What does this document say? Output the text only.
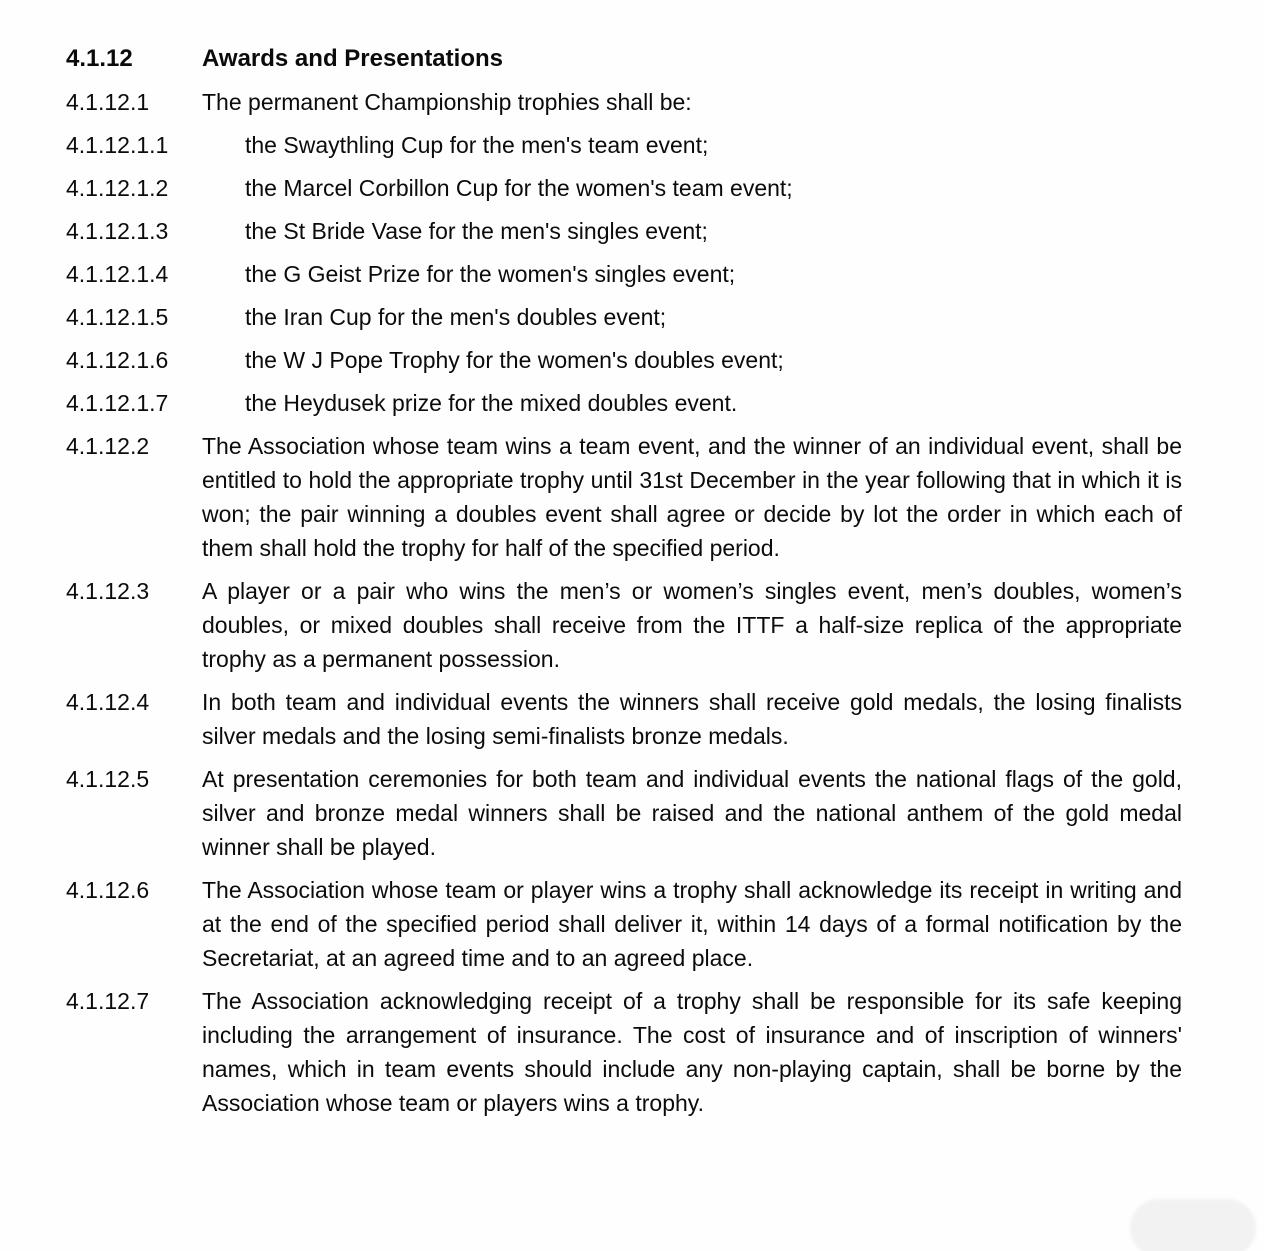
4.1.12	Awards and Presentations
4.1.12.1	The permanent Championship trophies shall be:
4.1.12.1.1	the Swaythling Cup for the men's team event;
4.1.12.1.2	the Marcel Corbillon Cup for the women's team event;
4.1.12.1.3	the St Bride Vase for the men's singles event;
4.1.12.1.4	the G Geist Prize for the women's singles event;
4.1.12.1.5	the Iran Cup for the men's doubles event;
4.1.12.1.6	the W J Pope Trophy for the women's doubles event;
4.1.12.1.7	the Heydusek prize for the mixed doubles event.
4.1.12.2	The Association whose team wins a team event, and the winner of an individual event, shall be entitled to hold the appropriate trophy until 31st December in the year following that in which it is won; the pair winning a doubles event shall agree or decide by lot the order in which each of them shall hold the trophy for half of the specified period.
4.1.12.3	A player or a pair who wins the men’s or women’s singles event, men’s doubles, women’s doubles, or mixed doubles shall receive from the ITTF a half-size replica of the appropriate trophy as a permanent possession.
4.1.12.4	In both team and individual events the winners shall receive gold medals, the losing finalists silver medals and the losing semi-finalists bronze medals.
4.1.12.5	At presentation ceremonies for both team and individual events the national flags of the gold, silver and bronze medal winners shall be raised and the national anthem of the gold medal winner shall be played.
4.1.12.6	The Association whose team or player wins a trophy shall acknowledge its receipt in writing and at the end of the specified period shall deliver it, within 14 days of a formal notification by the Secretariat, at an agreed time and to an agreed place.
4.1.12.7	The Association acknowledging receipt of a trophy shall be responsible for its safe keeping including the arrangement of insurance. The cost of insurance and of inscription of winners' names, which in team events should include any non-playing captain, shall be borne by the Association whose team or players wins a trophy.
